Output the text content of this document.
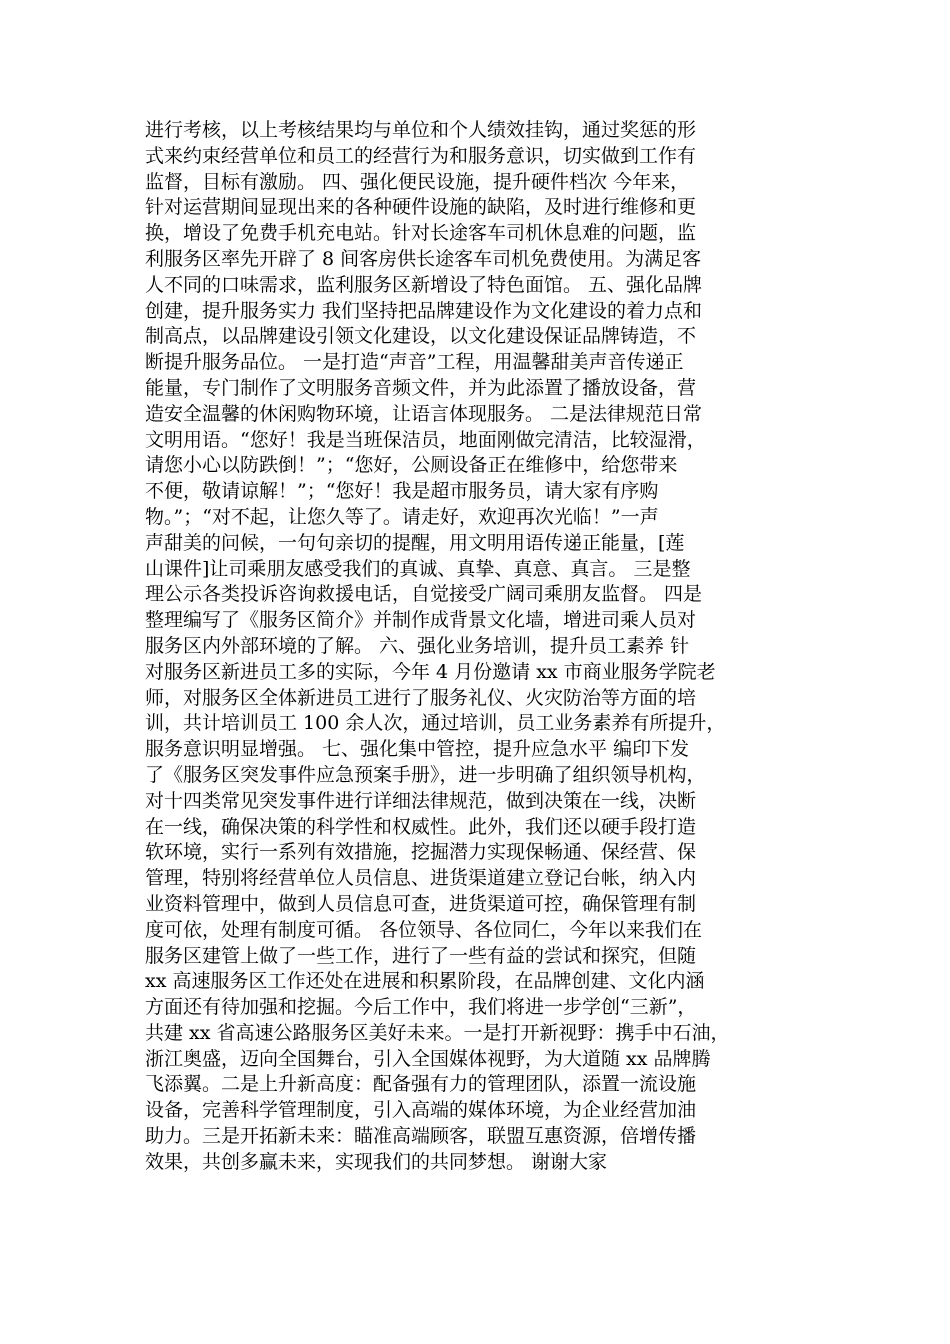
进行考核，以上考核结果均与单位和个人绩效挂钩，通过奖惩的形
式来约束经营单位和员工的经营行为和服务意识，切实做到工作有
监督，目标有激励。 四、强化便民设施，提升硬件档次 今年来，
针对运营期间显现出来的各种硬件设施的缺陷，及时进行维修和更
换，增设了免费手机充电站。针对长途客车司机休息难的问题，监
利服务区率先开辟了 8 间客房供长途客车司机免费使用。为满足客
人不同的口味需求，监利服务区新增设了特色面馆。 五、强化品牌
创建，提升服务实力 我们坚持把品牌建设作为文化建设的着力点和
制高点，以品牌建设引领文化建设，以文化建设保证品牌铸造，不
断提升服务品位。 一是打造“声音”工程，用温馨甜美声音传递正
能量，专门制作了文明服务音频文件，并为此添置了播放设备，营
造安全温馨的休闲购物环境，让语言体现服务。 二是法律规范日常
文明用语。“您好！我是当班保洁员，地面刚做完清洁，比较湿滑，
请您小心以防跌倒！”；“您好，公厕设备正在维修中，给您带来
不便，敬请谅解！”；“您好！我是超市服务员，请大家有序购
物。”；“对不起，让您久等了。请走好，欢迎再次光临！”一声
声甜美的问候，一句句亲切的提醒，用文明用语传递正能量，[莲
山课件]让司乘朋友感受我们的真诚、真挚、真意、真言。 三是整
理公示各类投诉咨询救援电话，自觉接受广阔司乘朋友监督。 四是
整理编写了《服务区简介》并制作成背景文化墙，增进司乘人员对
服务区内外部环境的了解。 六、强化业务培训，提升员工素养 针
对服务区新进员工多的实际，今年 4 月份邀请 xx 市商业服务学院老
师，对服务区全体新进员工进行了服务礼仪、火灾防治等方面的培
训，共计培训员工 100 余人次，通过培训，员工业务素养有所提升，
服务意识明显增强。 七、强化集中管控，提升应急水平 编印下发
了《服务区突发事件应急预案手册》，进一步明确了组织领导机构，
对十四类常见突发事件进行详细法律规范，做到决策在一线，决断
在一线，确保决策的科学性和权威性。此外，我们还以硬手段打造
软环境，实行一系列有效措施，挖掘潜力实现保畅通、保经营、保
管理，特别将经营单位人员信息、进货渠道建立登记台帐，纳入内
业资料管理中，做到人员信息可查，进货渠道可控，确保管理有制
度可依，处理有制度可循。 各位领导、各位同仁，今年以来我们在
服务区建管上做了一些工作，进行了一些有益的尝试和探究，但随
xx 高速服务区工作还处在进展和积累阶段，在品牌创建、文化内涵
方面还有待加强和挖掘。今后工作中，我们将进一步学创“三新”，
共建 xx 省高速公路服务区美好未来。一是打开新视野：携手中石油，
浙江奥盛，迈向全国舞台，引入全国媒体视野，为大道随 xx 品牌腾
飞添翼。二是上升新高度：配备强有力的管理团队，添置一流设施
设备，完善科学管理制度，引入高端的媒体环境，为企业经营加油
助力。三是开拓新未来：瞄准高端顾客，联盟互惠资源，倍增传播
效果，共创多赢未来，实现我们的共同梦想。 谢谢大家
